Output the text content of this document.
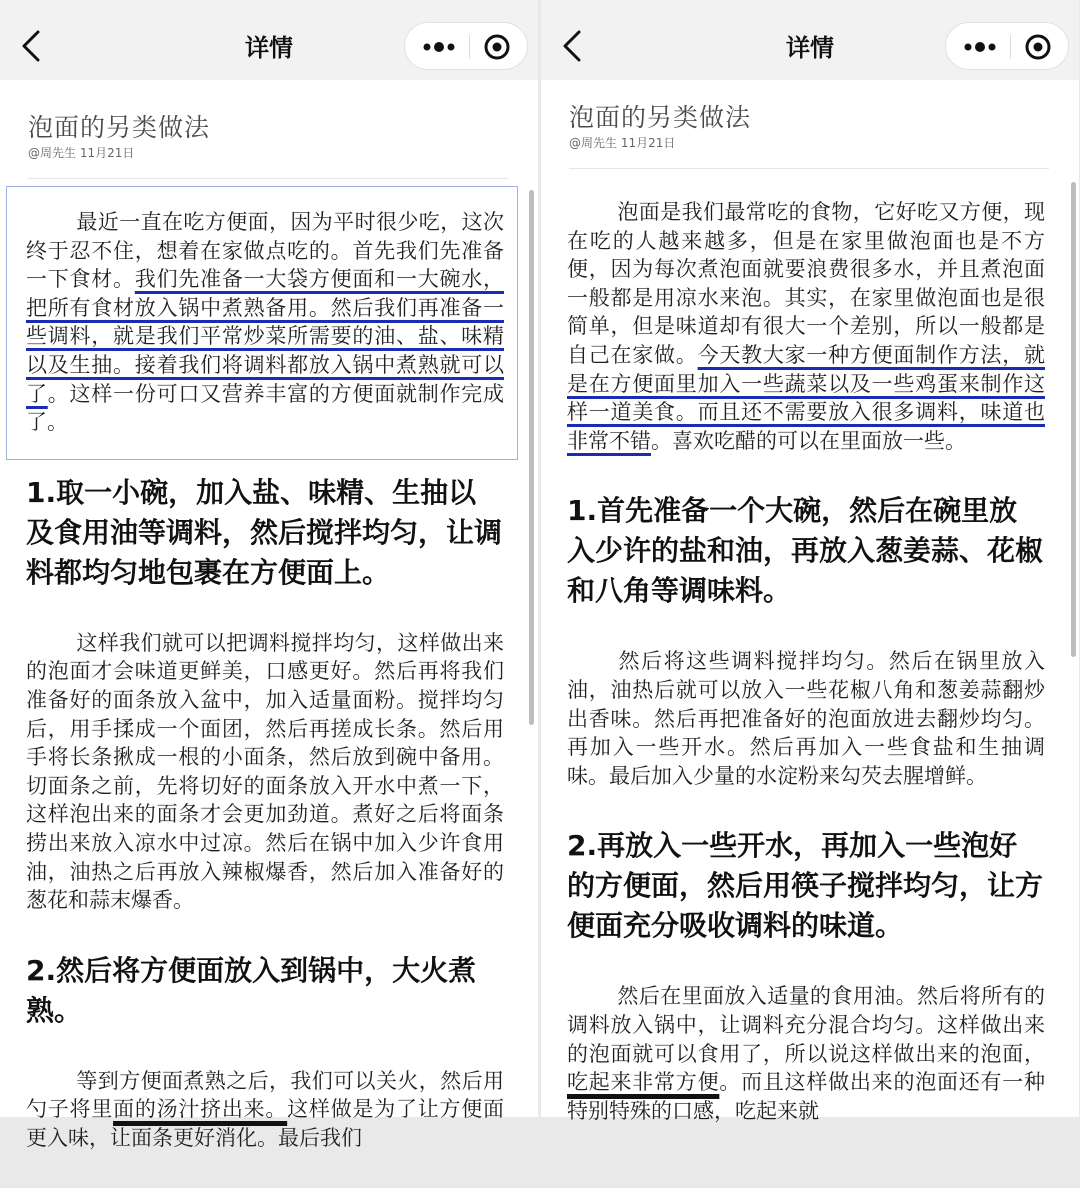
详情
泡面的另类做法
@周先生 11月21日

最近一直在吃方便面，因为平时很少吃，这次终于忍不住，想着在家做点吃的。首先我们先准备一下食材。我们先准备一大袋方便面和一大碗水，把所有食材放入锅中煮熟备用。然后我们再准备一些调料，就是我们平常炒菜所需要的油、盐、味精以及生抽。接着我们将调料都放入锅中煮熟就可以了。这样一份可口又营养丰富的方便面就制作完成了。

1.取一小碗，加入盐、味精、生抽以及食用油等调料，然后搅拌均匀，让调料都均匀地包裹在方便面上。

这样我们就可以把调料搅拌均匀，这样做出来的泡面才会味道更鲜美，口感更好。然后再将我们准备好的面条放入盆中，加入适量面粉。搅拌均匀后，用手揉成一个面团，然后再搓成长条。然后用手将长条揪成一根的小面条，然后放到碗中备用。切面条之前，先将切好的面条放入开水中煮一下，这样泡出来的面条才会更加劲道。煮好之后将面条捞出来放入凉水中过凉。然后在锅中加入少许食用油，油热之后再放入辣椒爆香，然后加入准备好的葱花和蒜末爆香。

2.然后将方便面放入到锅中，大火煮熟。

等到方便面煮熟之后，我们可以关火，然后用勺子将里面的汤汁挤出来。这样做是为了让方便面更入味，让面条更好消化。最后我们

详情
泡面的另类做法
@周先生 11月21日

泡面是我们最常吃的食物，它好吃又方便，现在吃的人越来越多，但是在家里做泡面也是不方便，因为每次煮泡面就要浪费很多水，并且煮泡面一般都是用凉水来泡。其实，在家里做泡面也是很简单，但是味道却有很大一个差别，所以一般都是自己在家做。今天教大家一种方便面制作方法，就是在方便面里加入一些蔬菜以及一些鸡蛋来制作这样一道美食。而且还不需要放入很多调料，味道也非常不错。喜欢吃醋的可以在里面放一些。

1.首先准备一个大碗，然后在碗里放入少许的盐和油，再放入葱姜蒜、花椒和八角等调味料。

然后将这些调料搅拌均匀。然后在锅里放入油，油热后就可以放入一些花椒八角和葱姜蒜翻炒出香味。然后再把准备好的泡面放进去翻炒均匀。再加入一些开水。然后再加入一些食盐和生抽调味。最后加入少量的水淀粉来勾芡去腥增鲜。

2.再放入一些开水，再加入一些泡好的方便面，然后用筷子搅拌均匀，让方便面充分吸收调料的味道。

然后在里面放入适量的食用油。然后将所有的调料放入锅中，让调料充分混合均匀。这样做出来的泡面就可以食用了，所以说这样做出来的泡面，吃起来非常方便。而且这样做出来的泡面还有一种特别特殊的口感，吃起来就
